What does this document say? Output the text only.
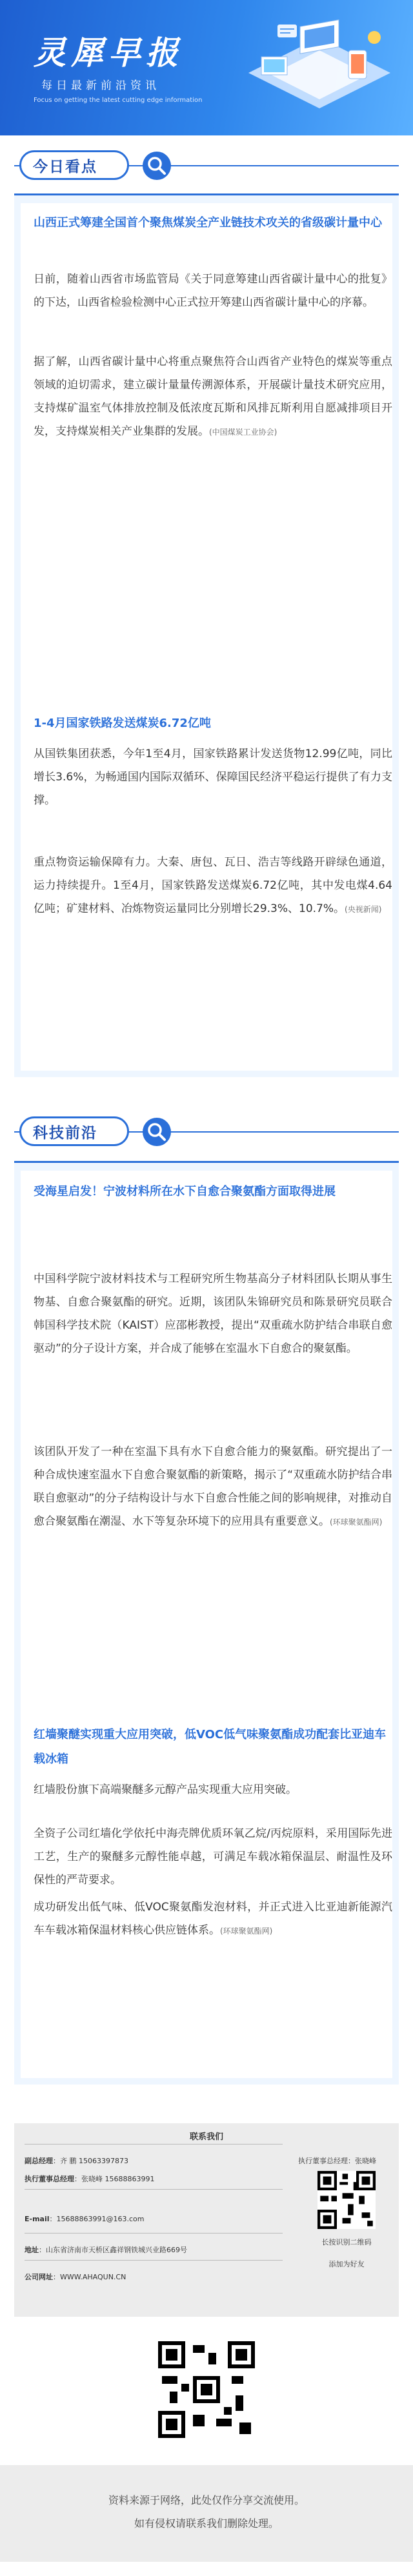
灵犀早报
每日最新前沿资讯
Focus on getting the latest cutting edge information
今日看点
山西正式筹建全国首个聚焦煤炭全产业链技术攻关的省级碳计量中心
日前，随着山西省市场监管局《关于同意筹建山西省碳计量中心的批复》的下达，山西省检验检测中心正式拉开筹建山西省碳计量中心的序幕。
据了解，山西省碳计量中心将重点聚焦符合山西省产业特色的煤炭等重点领域的迫切需求，建立碳计量量传溯源体系，开展碳计量技术研究应用，支持煤矿温室气体排放控制及低浓度瓦斯和风排瓦斯利用自愿减排项目开发，支持煤炭相关产业集群的发展。(中国煤炭工业协会)
1-4月国家铁路发送煤炭6.72亿吨
从国铁集团获悉，今年1至4月，国家铁路累计发送货物12.99亿吨，同比增长3.6%，为畅通国内国际双循环、保障国民经济平稳运行提供了有力支撑。
重点物资运输保障有力。大秦、唐包、瓦日、浩吉等线路开辟绿色通道，运力持续提升。1至4月，国家铁路发送煤炭6.72亿吨，其中发电煤4.64亿吨；矿建材料、冶炼物资运量同比分别增长29.3%、10.7%。(央视新闻)
科技前沿
受海星启发！宁波材料所在水下自愈合聚氨酯方面取得进展
中国科学院宁波材料技术与工程研究所生物基高分子材料团队长期从事生物基、自愈合聚氨酯的研究。近期，该团队朱锦研究员和陈景研究员联合韩国科学技术院（KAIST）应邵彬教授，提出“双重疏水防护结合串联自愈驱动”的分子设计方案，并合成了能够在室温水下自愈合的聚氨酯。
该团队开发了一种在室温下具有水下自愈合能力的聚氨酯。研究提出了一种合成快速室温水下自愈合聚氨酯的新策略，揭示了“双重疏水防护结合串联自愈驱动”的分子结构设计与水下自愈合性能之间的影响规律，对推动自愈合聚氨酯在潮湿、水下等复杂环境下的应用具有重要意义。(环球聚氨酯网)
红墙聚醚实现重大应用突破，低VOC低气味聚氨酯成功配套比亚迪车载冰箱
红墙股份旗下高端聚醚多元醇产品实现重大应用突破。
全资子公司红墙化学依托中海壳牌优质环氧乙烷/丙烷原料，采用国际先进工艺，生产的聚醚多元醇性能卓越，可满足车载冰箱保温层、耐温性及环保性的严苛要求。
成功研发出低气味、低VOC聚氨酯发泡材料，并正式进入比亚迪新能源汽车车载冰箱保温材料核心供应链体系。(环球聚氨酯网)
联系我们
副总经理：齐 鹏 15063397873
执行董事总经理：张晓峰 15688863991
E-mail：15688863991@163.com
地址：山东省济南市天桥区鑫祥钢铁城兴业路669号
公司网址：WWW.AHAQUN.CN
执行董事总经理：张晓峰
长按识别二维码
添加为好友
资料来源于网络，此处仅作分享交流使用。
如有侵权请联系我们删除处理。
